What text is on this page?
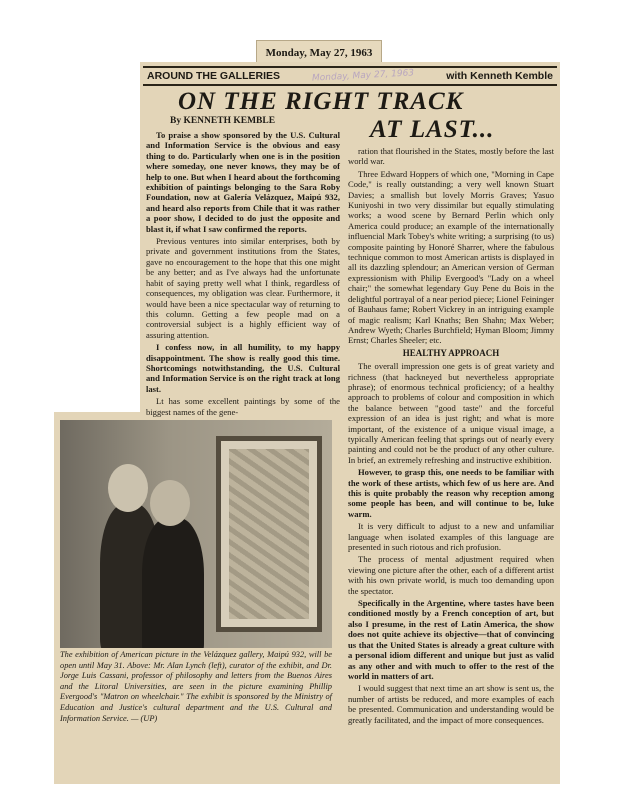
Monday, May 27, 1963
AROUND THE GALLERIES	Monday, May 27, 1963	with Kenneth Kemble
ON THE RIGHT TRACK
By KENNETH KEMBLE	AT LAST...

To praise a show sponsored by the U.S. Cultural and Information Service is the obvious and easy thing to do. Particularly when one is in the position where someday, one never knows, they may be of help to one. But when I heard about the forthcoming exhibition of paintings belonging to the Sara Roby Foundation, now at Galería Velázquez, Maipú 932, and heard also reports from Chile that it was rather a poor show, I decided to do just the opposite and blast it, if what I saw confirmed the reports.

Previous ventures into similar enterprises, both by private and government institutions from the States, gave no encouragement to the hope that this one might be any better; and as I've always had the unfortunate habit of saying pretty well what I think, regardless of consequences, my obligation was clear. Furthermore, it would have been a nice spectacular way of returning to this column. Getting a few people mad on a controversial subject is a highly efficient way of assuring attention.

I confess now, in all humility, to my happy disappointment. The show is really good this time. Shortcomings notwithstanding, the U.S. Cultural and Information Service is on the right track at long last.

Lt has some excellent paintings by some of the biggest names of the gene-

ration that flourished in the States, mostly before the last world war.

Three Edward Hoppers of which one, "Morning in Cape Code," is really outstanding; a very well known Stuart Davies; a smallish but lovely Morris Graves; Yasuo Kuniyoshi in two very dissimilar but equally stimulating works; a wood scene by Bernard Perlin which only America could produce; an example of the internationally influencial Mark Tobey's white writing; a surprising (to us) composite painting by Honoré Sharrer, where the fabulous technique common to most American artists is displayed in all its dazzling splendour; an American version of German expressionism with Philip Evergood's "Lady on a wheel chair;" the somewhat legendary Guy Pene du Bois in the delightful portrayal of a near period piece; Lionel Feininger of Bauhaus fame; Robert Vickrey in an intriguing example of magic realism; Karl Knaths; Ben Shahn; Max Weber; Andrew Wyeth; Charles Burchfield; Hyman Bloom; Jimmy Ernst; Charles Sheeler; etc.

HEALTHY APPROACH

The overall impression one gets is of great variety and richness (that hackneyed but nevertheless appropriate phrase); of enormous technical proficiency; of a healthy approach to problems of colour and composition in which the balance between "good taste" and the forceful expression of an idea is just right; and what is more important, of the existence of a unique visual image, a typically American feeling that springs out of nearly every painting and could not be the product of any other culture. In brief, an extremely refreshing and instructive exhibition.

However, to grasp this, one needs to be familiar with the work of these artists, which few of us here are. And this is quite probably the reason why reception among some people has been, and will continue to be, luke warm.

It is very difficult to adjust to a new and unfamiliar language when isolated examples of this language are presented in such riotous and rich profusion.

The process of mental adjustment required when viewing one picture after the other, each of a different artist with his own private world, is much too demanding upon the spectator.

Specifically in the Argentine, where tastes have been conditioned mostly by a French conception of art, but also I presume, in the rest of Latin America, the show does not quite achieve its objective—that of convincing us that the United States is already a great culture with a personal idiom different and unique but just as valid as any other and with much to offer to the rest of the world in matters of art.

I would suggest that next time an art show is sent us, the number of artists be reduced, and more examples of each be presented. Communication and understanding would be greatly facilitated, and the impact of more consequences.

The exhibition of American picture in the Velázquez gallery, Maipú 932, will be open until May 31. Above: Mr. Alan Lynch (left), curator of the exhibit, and Dr. Jorge Luis Cassani, professor of philosophy and letters from the Buenos Aires and the Litoral Universities, are seen in the picture examining Phillip Evergood's "Matron on wheelchair." The exhibit is sponsored by the Ministry of Education and Justice's cultural department and the U.S. Cultural and Information Service. — (UP)
